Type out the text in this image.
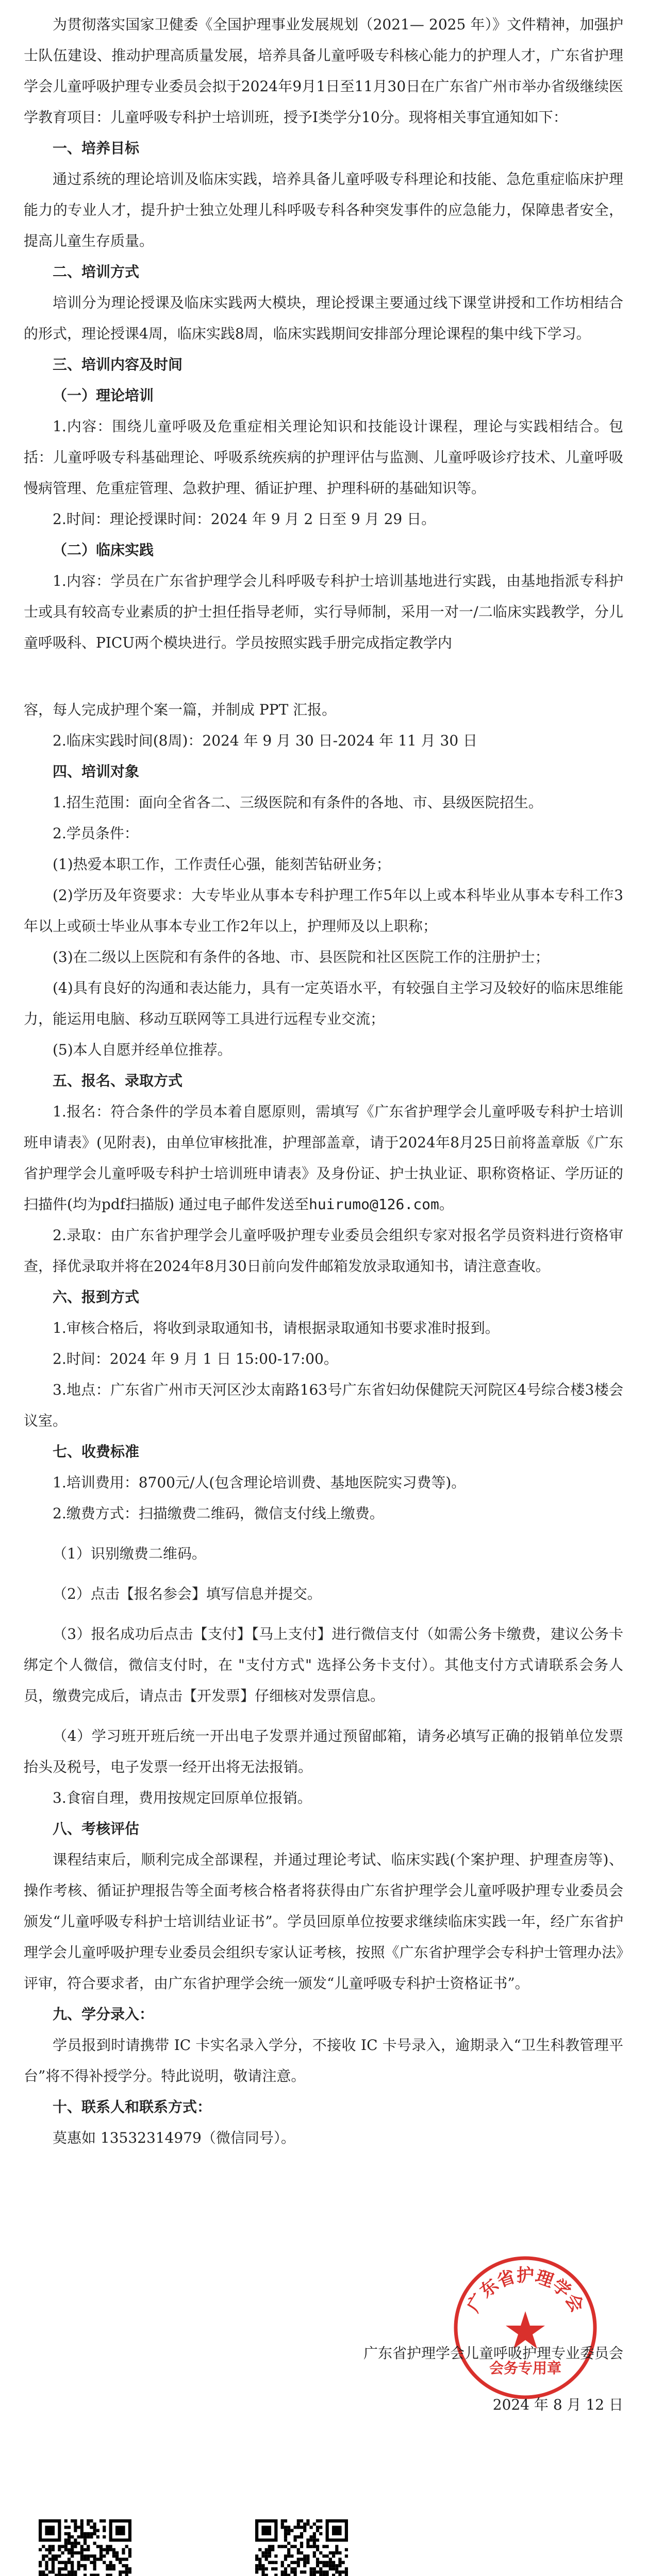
为贯彻落实国家卫健委《全国护理事业发展规划（2021— 2025 年）》文件精神，加强护士队伍建设、推动护理高质量发展，培养具备儿童呼吸专科核心能力的护理人才，广东省护理学会儿童呼吸护理专业委员会拟于2024年9月1日至11月30日在广东省广州市举办省级继续医学教育项目：儿童呼吸专科护士培训班，授予I类学分10分。现将相关事宜通知如下：

一、培养目标

通过系统的理论培训及临床实践，培养具备儿童呼吸专科理论和技能、急危重症临床护理能力的专业人才，提升护士独立处理儿科呼吸专科各种突发事件的应急能力，保障患者安全，提高儿童生存质量。

二、培训方式

培训分为理论授课及临床实践两大模块，理论授课主要通过线下课堂讲授和工作坊相结合的形式，理论授课4周，临床实践8周，临床实践期间安排部分理论课程的集中线下学习。

三、培训内容及时间

（一）理论培训

1.内容：围绕儿童呼吸及危重症相关理论知识和技能设计课程，理论与实践相结合。包括：儿童呼吸专科基础理论、呼吸系统疾病的护理评估与监测、儿童呼吸诊疗技术、儿童呼吸慢病管理、危重症管理、急救护理、循证护理、护理科研的基础知识等。

2.时间：理论授课时间：2024 年 9 月 2 日至 9 月 29 日。

（二）临床实践

1.内容：学员在广东省护理学会儿科呼吸专科护士培训基地进行实践，由基地指派专科护士或具有较高专业素质的护士担任指导老师，实行导师制，采用一对一/二临床实践教学，分儿童呼吸科、PICU两个模块进行。学员按照实践手册完成指定教学内

容，每人完成护理个案一篇，并制成 PPT 汇报。

2.临床实践时间(8周)：2024 年 9 月 30 日-2024 年 11 月 30 日

四、培训对象

1.招生范围：面向全省各二、三级医院和有条件的各地、市、县级医院招生。

2.学员条件：

(1)热爱本职工作，工作责任心强，能刻苦钻研业务；

(2)学历及年资要求：大专毕业从事本专科护理工作5年以上或本科毕业从事本专科工作3年以上或硕士毕业从事本专业工作2年以上，护理师及以上职称；

(3)在二级以上医院和有条件的各地、市、县医院和社区医院工作的注册护士；

(4)具有良好的沟通和表达能力，具有一定英语水平，有较强自主学习及较好的临床思维能力，能运用电脑、移动互联网等工具进行远程专业交流；

(5)本人自愿并经单位推荐。

五、报名、录取方式

1.报名：符合条件的学员本着自愿原则，需填写《广东省护理学会儿童呼吸专科护士培训班申请表》(见附表)，由单位审核批准，护理部盖章，请于2024年8月25日前将盖章版《广东省护理学会儿童呼吸专科护士培训班申请表》及身份证、护士执业证、职称资格证、学历证的扫描件(均为pdf扫描版) 通过电子邮件发送至huirumo@126.com。

2.录取：由广东省护理学会儿童呼吸护理专业委员会组织专家对报名学员资料进行资格审查，择优录取并将在2024年8月30日前向发件邮箱发放录取通知书，请注意查收。

六、报到方式

1.审核合格后，将收到录取通知书，请根据录取通知书要求准时报到。

2.时间：2024 年 9 月 1 日 15:00-17:00。

3.地点：广东省广州市天河区沙太南路163号广东省妇幼保健院天河院区4号综合楼3楼会议室。

七、收费标准

1.培训费用：8700元/人(包含理论培训费、基地医院实习费等)。

2.缴费方式：扫描缴费二维码，微信支付线上缴费。

（1）识别缴费二维码。

（2）点击【报名参会】填写信息并提交。

（3）报名成功后点击【支付】【马上支付】进行微信支付（如需公务卡缴费，建议公务卡绑定个人微信，微信支付时，在 "支付方式" 选择公务卡支付）。其他支付方式请联系会务人员，缴费完成后，请点击【开发票】仔细核对发票信息。

（4）学习班开班后统一开出电子发票并通过预留邮箱，请务必填写正确的报销单位发票抬头及税号，电子发票一经开出将无法报销。

3.食宿自理，费用按规定回原单位报销。

八、考核评估

课程结束后，顺利完成全部课程，并通过理论考试、临床实践(个案护理、护理查房等)、操作考核、循证护理报告等全面考核合格者将获得由广东省护理学会儿童呼吸护理专业委员会颁发“儿童呼吸专科护士培训结业证书”。学员回原单位按要求继续临床实践一年，经广东省护理学会儿童呼吸护理专业委员会组织专家认证考核，按照《广东省护理学会专科护士管理办法》评审，符合要求者，由广东省护理学会统一颁发“儿童呼吸专科护士资格证书”。

九、学分录入：

学员报到时请携带 IC 卡实名录入学分，不接收 IC 卡号录入，逾期录入“卫生科教管理平台”将不得补授学分。特此说明，敬请注意。

十、联系人和联系方式：

莫惠如 13532314979（微信同号）。

广东省护理学会
会务专用章
广东省护理学会儿童呼吸护理专业委员会
2024 年 8 月 12 日
